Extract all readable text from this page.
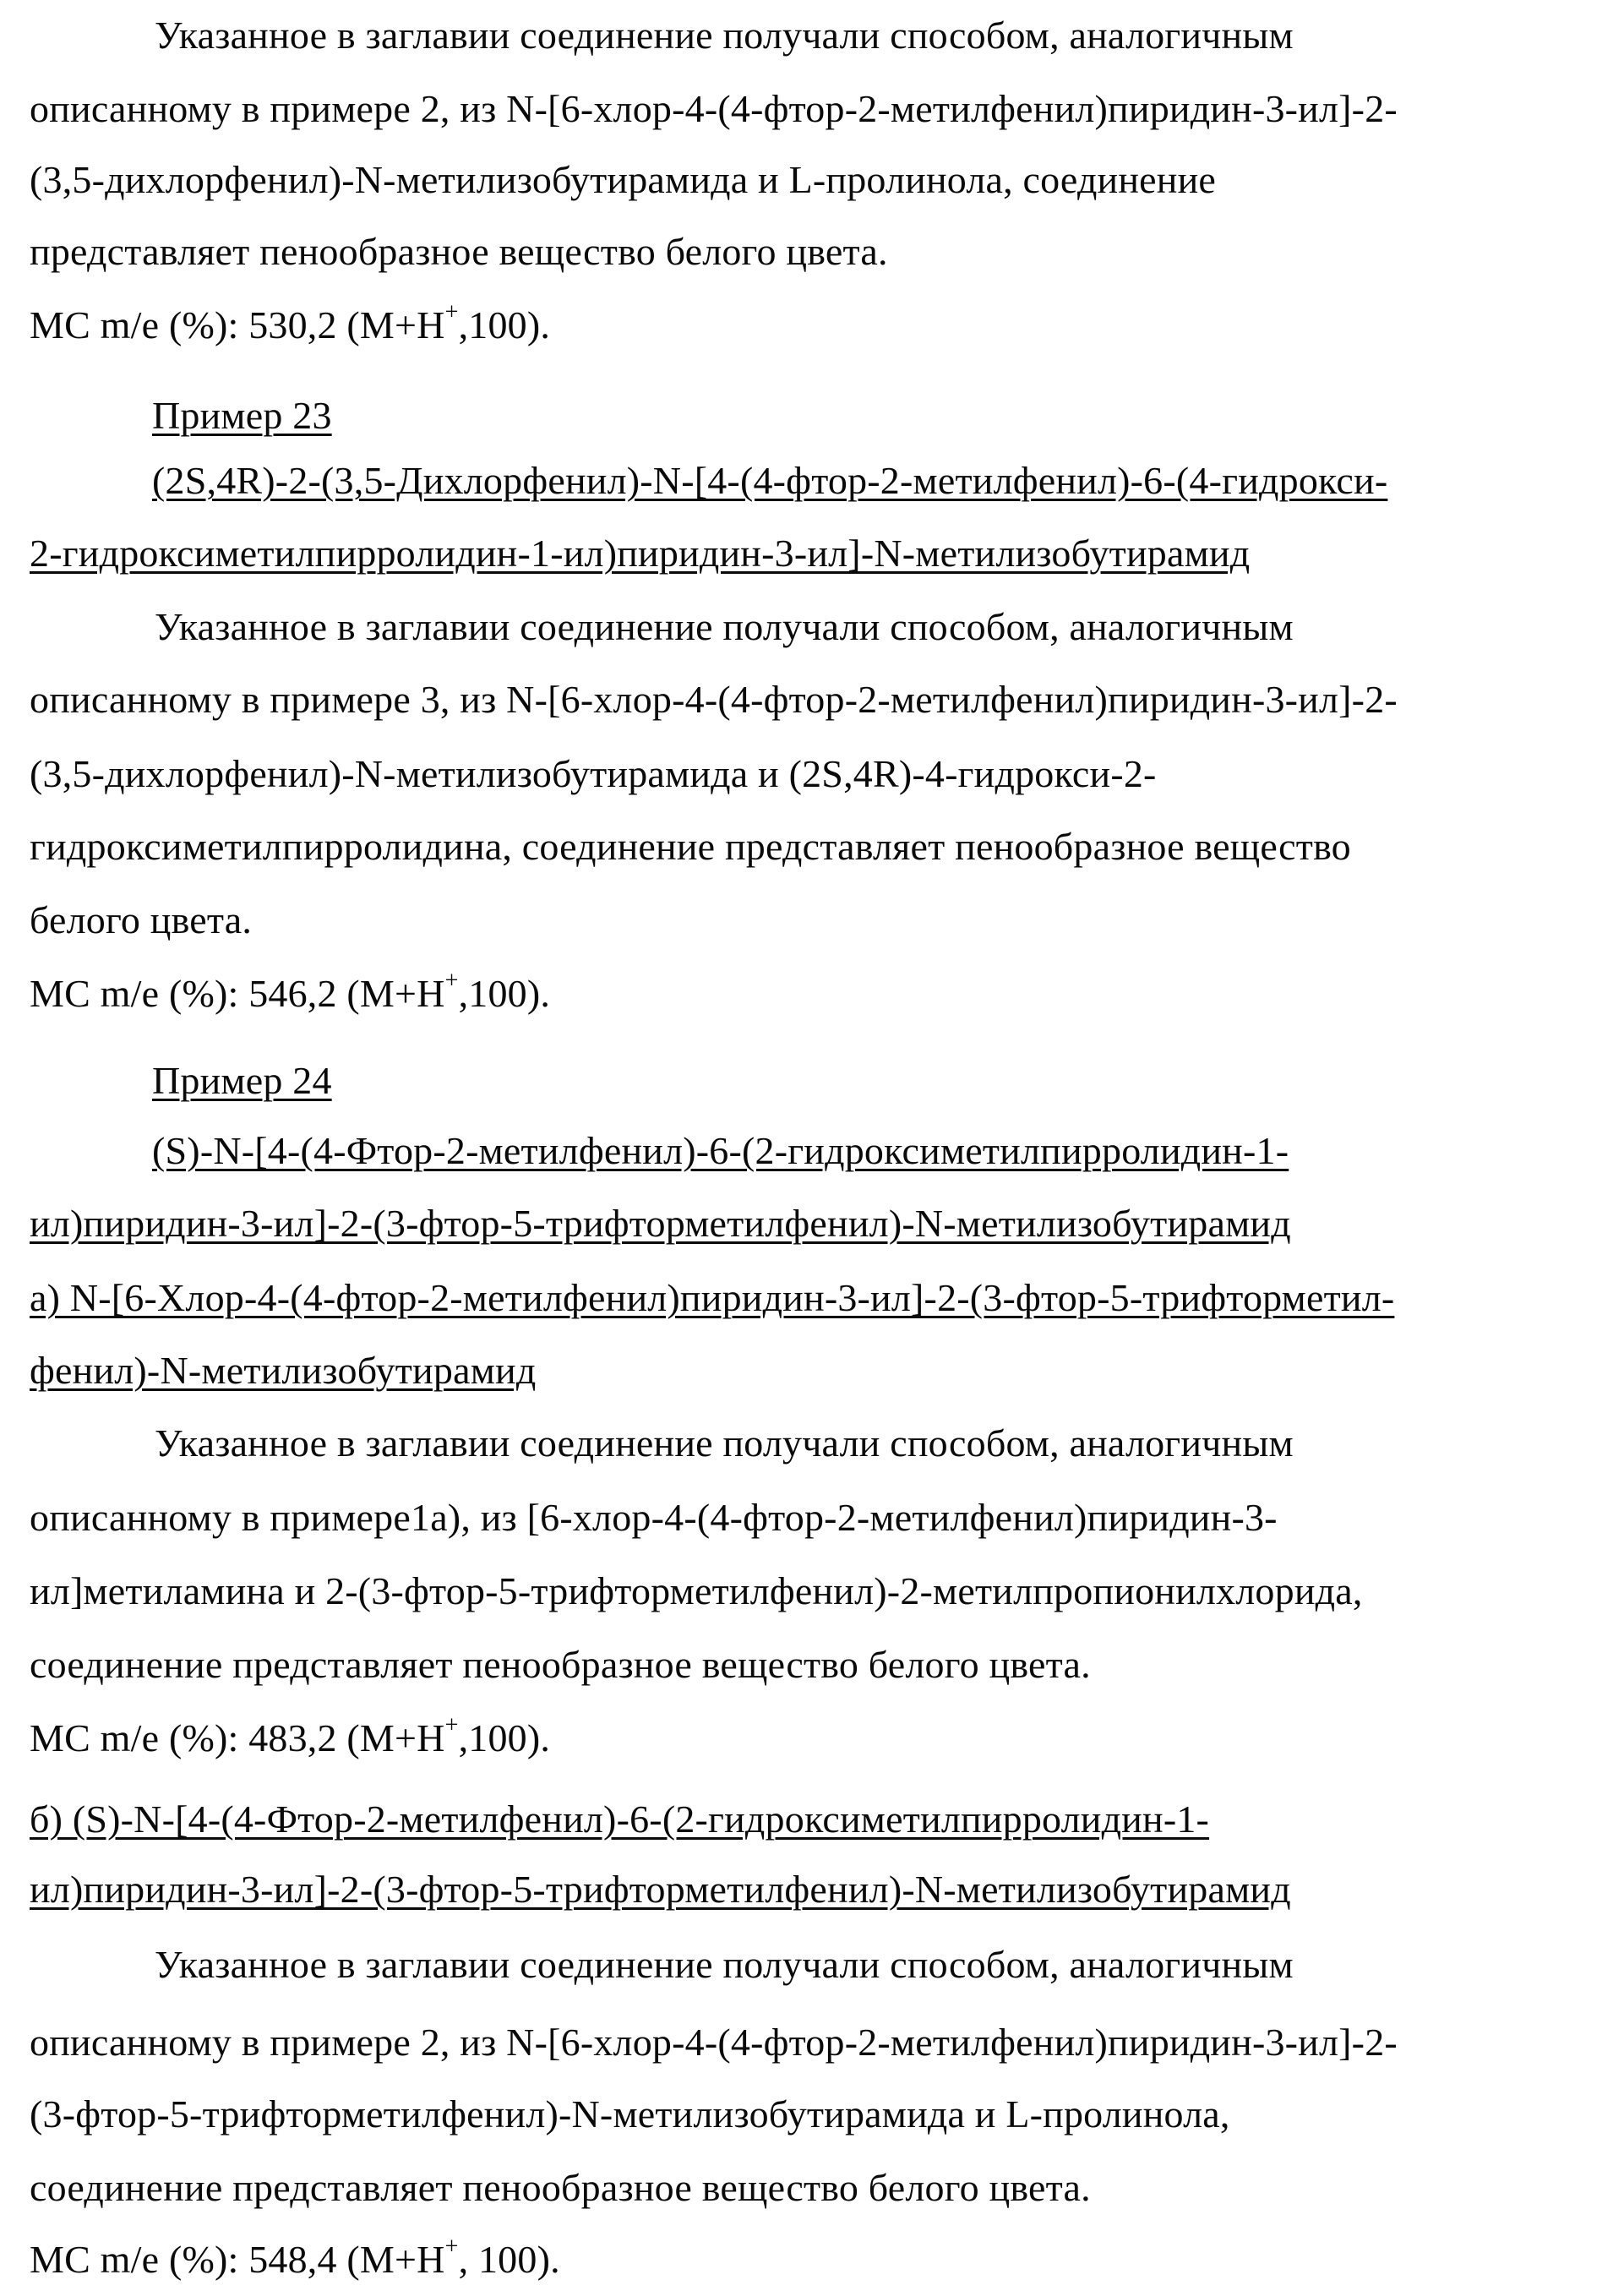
Указанное в заглавии соединение получали способом, аналогичным
описанному в примере 2, из N-[6-хлор-4-(4-фтор-2-метилфенил)пиридин-3-ил]-2-
(3,5-дихлорфенил)-N-метилизобутирамида и L-пролинола, соединение
представляет пенообразное вещество белого цвета.
МС m/e (%): 530,2 (М+Н+,100).
Пример 23
(2S,4R)-2-(3,5-Дихлорфенил)-N-[4-(4-фтор-2-метилфенил)-6-(4-гидрокси-
2-гидроксиметилпирролидин-1-ил)пиридин-3-ил]-N-метилизобутирамид
Указанное в заглавии соединение получали способом, аналогичным
описанному в примере 3, из N-[6-хлор-4-(4-фтор-2-метилфенил)пиридин-3-ил]-2-
(3,5-дихлорфенил)-N-метилизобутирамида и (2S,4R)-4-гидрокси-2-
гидроксиметилпирролидина, соединение представляет пенообразное вещество
белого цвета.
МС m/e (%): 546,2 (М+Н+,100).
Пример 24
(S)-N-[4-(4-Фтор-2-метилфенил)-6-(2-гидроксиметилпирролидин-1-
ил)пиридин-3-ил]-2-(3-фтор-5-трифторметилфенил)-N-метилизобутирамид
а) N-[6-Хлор-4-(4-фтор-2-метилфенил)пиридин-3-ил]-2-(3-фтор-5-трифторметил-
фенил)-N-метилизобутирамид
Указанное в заглавии соединение получали способом, аналогичным
описанному в примере1а), из [6-хлор-4-(4-фтор-2-метилфенил)пиридин-3-
ил]метиламина и 2-(3-фтор-5-трифторметилфенил)-2-метилпропионилхлорида,
соединение представляет пенообразное вещество белого цвета.
МС m/e (%): 483,2 (М+Н+,100).
б) (S)-N-[4-(4-Фтор-2-метилфенил)-6-(2-гидроксиметилпирролидин-1-
ил)пиридин-3-ил]-2-(3-фтор-5-трифторметилфенил)-N-метилизобутирамид
Указанное в заглавии соединение получали способом, аналогичным
описанному в примере 2, из N-[6-хлор-4-(4-фтор-2-метилфенил)пиридин-3-ил]-2-
(3-фтор-5-трифторметилфенил)-N-метилизобутирамида и L-пролинола,
соединение представляет пенообразное вещество белого цвета.
МС m/e (%): 548,4 (М+Н+, 100).
